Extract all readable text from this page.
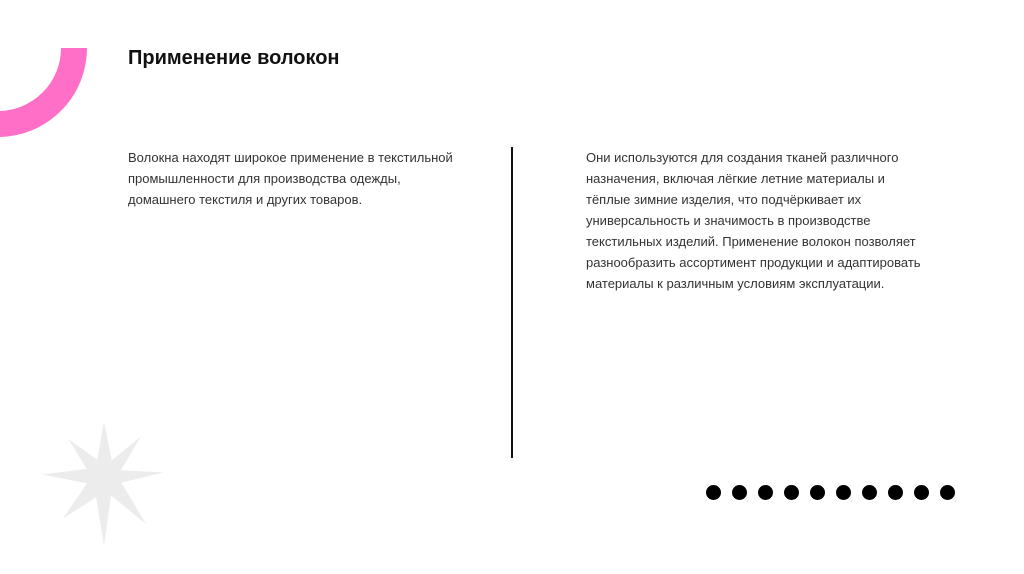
Применение волокон

Волокна находят широкое применение в текстильной промышленности для производства одежды, домашнего текстиля и других товаров.

Они используются для создания тканей различного назначения, включая лёгкие летние материалы и тёплые зимние изделия, что подчёркивает их универсальность и значимость в производстве текстильных изделий. Применение волокон позволяет разнообразить ассортимент продукции и адаптировать материалы к различным условиям эксплуатации.
